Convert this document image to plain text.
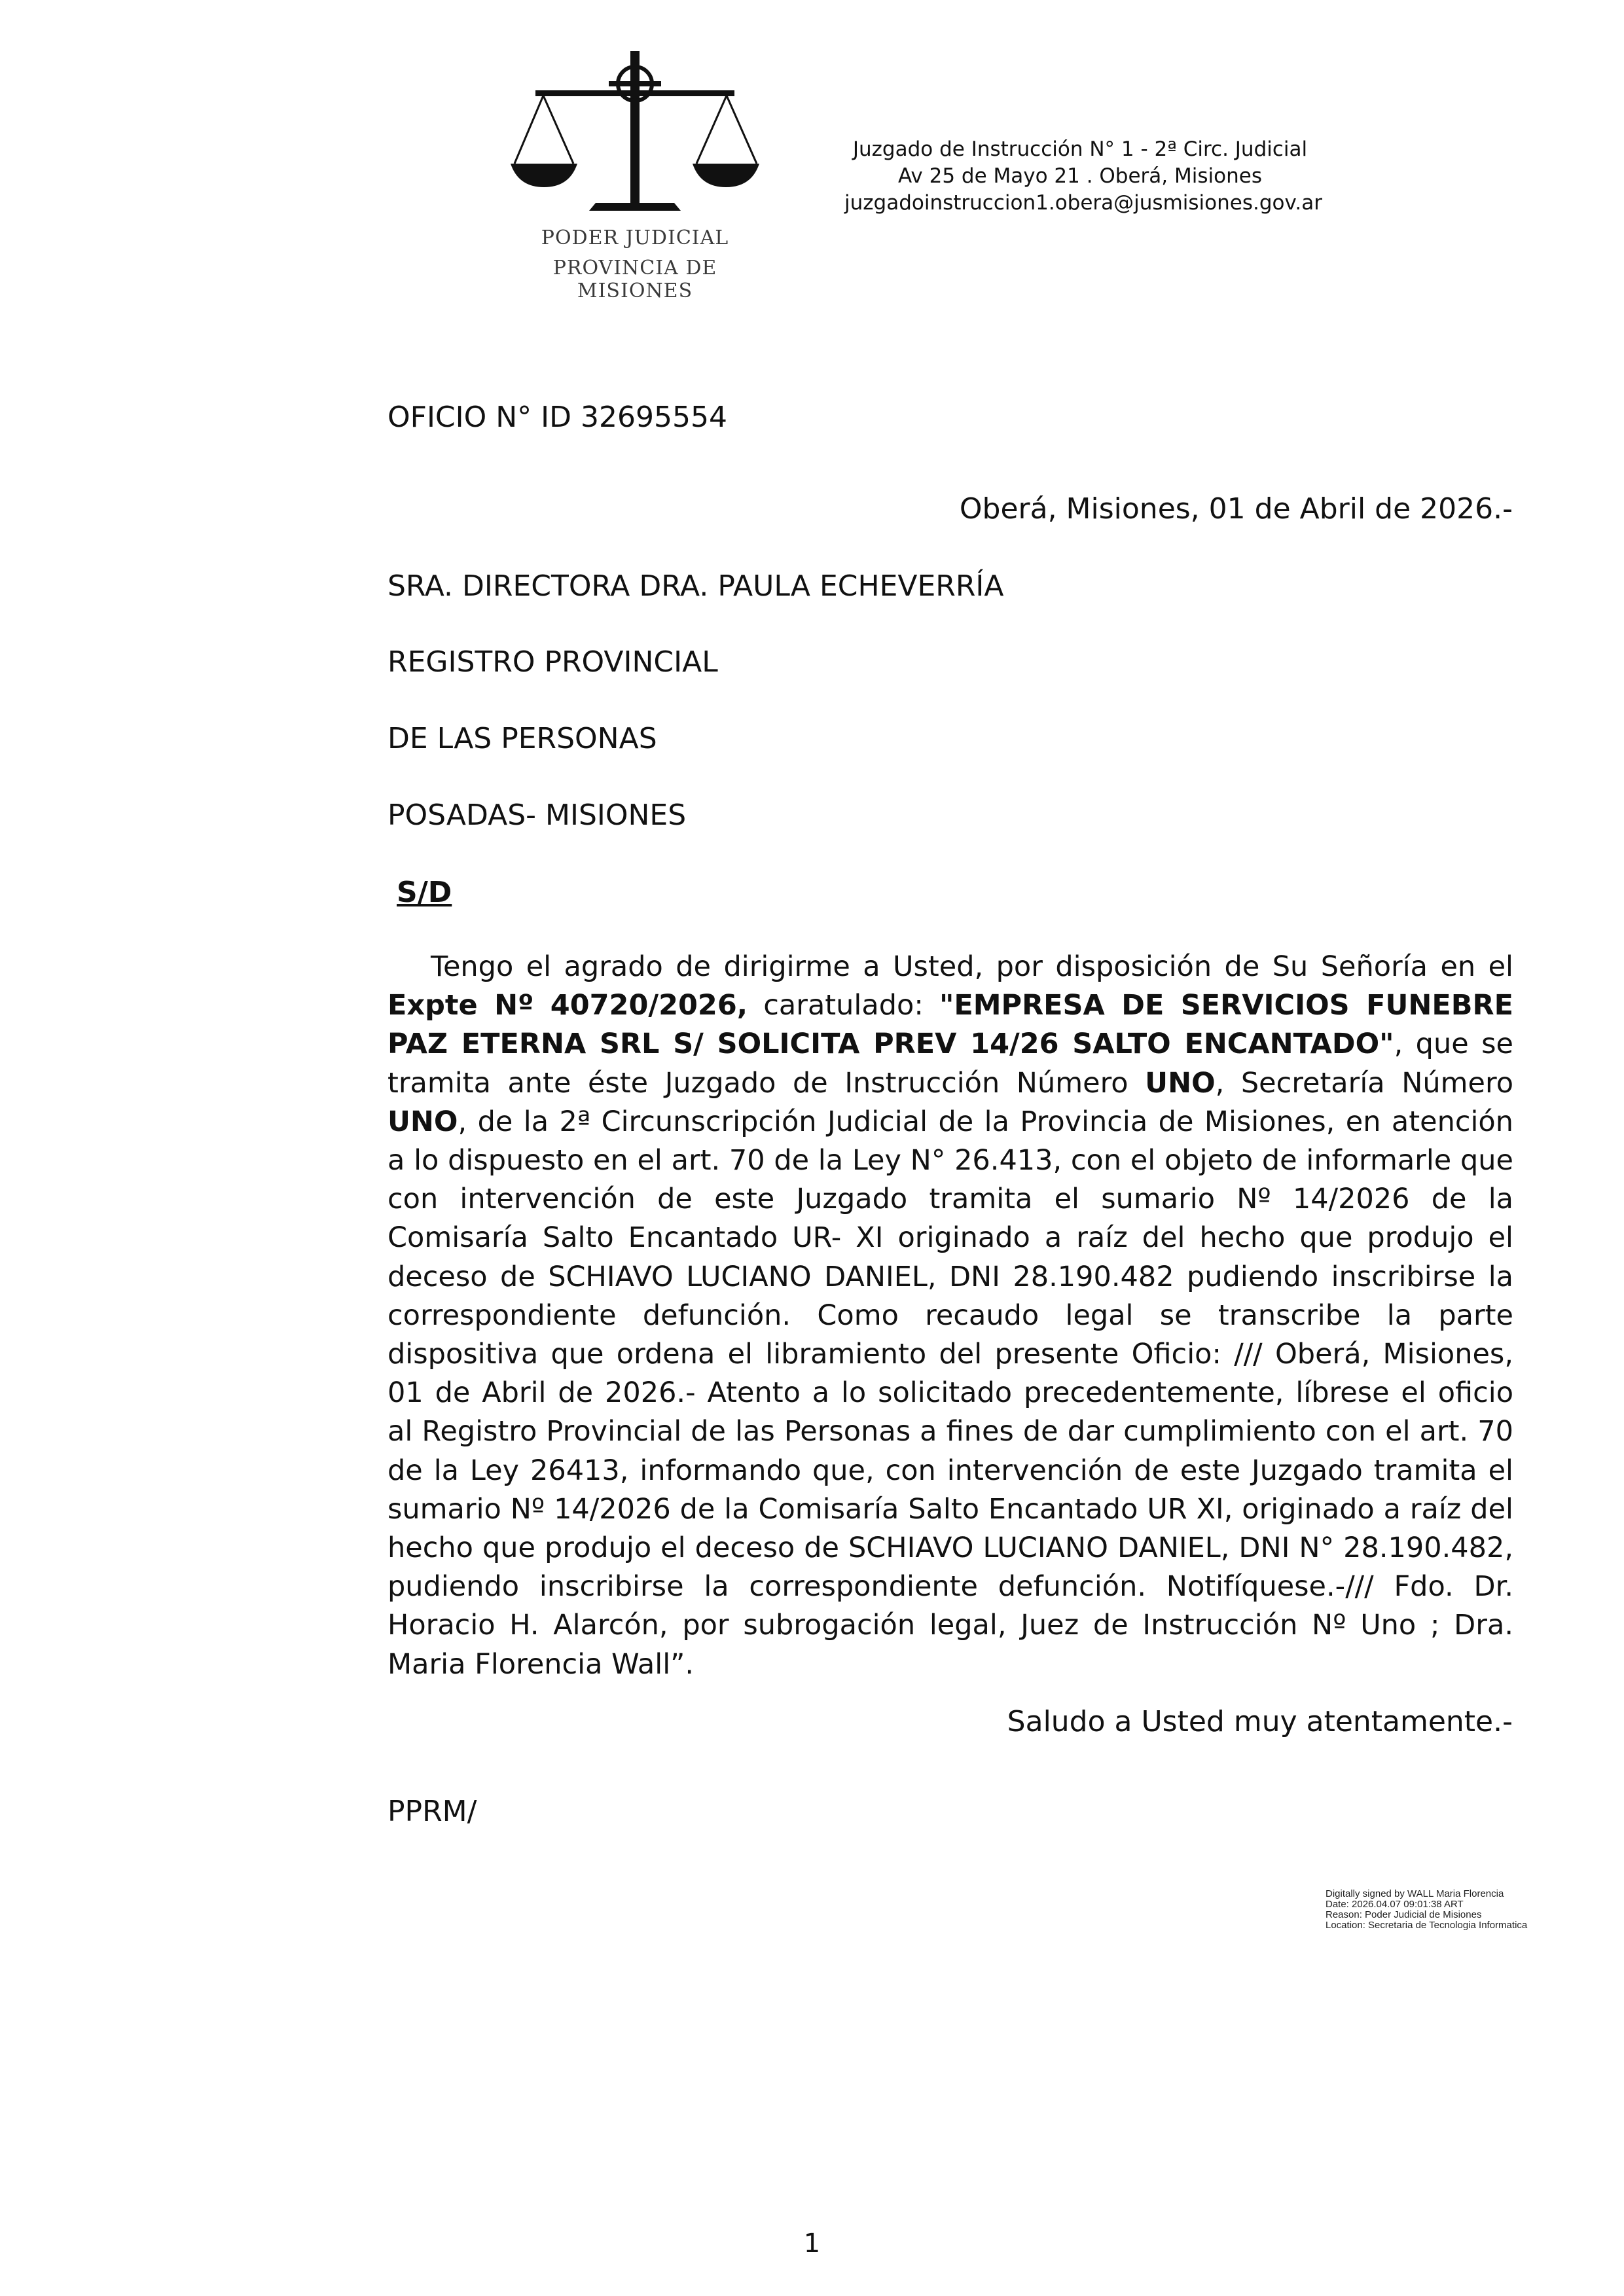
PODER JUDICIAL
PROVINCIA DE MISIONES
Juzgado de Instrucción N° 1 - 2ª Circ. Judicial
Av 25 de Mayo 21 . Oberá, Misiones
juzgadoinstruccion1.obera@jusmisiones.gov.ar
OFICIO N° ID 32695554
Oberá, Misiones, 01 de Abril de 2026.-
SRA. DIRECTORA DRA. PAULA ECHEVERRÍA
REGISTRO PROVINCIAL
DE LAS PERSONAS
POSADAS- MISIONES
S/D
Tengo el agrado de dirigirme a Usted, por disposición de Su Señoría en el Expte Nº 40720/2026, caratulado: "EMPRESA DE SERVICIOS FUNEBRE PAZ ETERNA SRL S/ SOLICITA PREV 14/26 SALTO ENCANTADO", que se tramita ante éste Juzgado de Instrucción Número UNO, Secretaría Número UNO, de la 2ª Circunscripción Judicial de la Provincia de Misiones, en atención a lo dispuesto en el art. 70 de la Ley N° 26.413, con el objeto de informarle que con intervención de este Juzgado tramita el sumario Nº 14/2026 de la Comisaría Salto Encantado UR- XI originado a raíz del hecho que produjo el deceso de SCHIAVO LUCIANO DANIEL, DNI 28.190.482 pudiendo inscribirse la correspondiente defunción. Como recaudo legal se transcribe la parte dispositiva que ordena el libramiento del presente Oficio: /// Oberá, Misiones, 01 de Abril de 2026.- Atento a lo solicitado precedentemente, líbrese el oficio al Registro Provincial de las Personas a fines de dar cumplimiento con el art. 70 de la Ley 26413, informando que, con intervención de este Juzgado tramita el sumario Nº 14/2026 de la Comisaría Salto Encantado UR XI, originado a raíz del hecho que produjo el deceso de SCHIAVO LUCIANO DANIEL, DNI N° 28.190.482, pudiendo inscribirse la correspondiente defunción. Notifíquese.-/// Fdo. Dr. Horacio H. Alarcón, por subrogación legal, Juez de Instrucción Nº Uno ; Dra. Maria Florencia Wall”.
Saludo a Usted muy atentamente.-
PPRM/
Digitally signed by WALL Maria Florencia
Date: 2026.04.07 09:01:38 ART
Reason: Poder Judicial de Misiones
Location: Secretaria de Tecnologia Informatica
1
